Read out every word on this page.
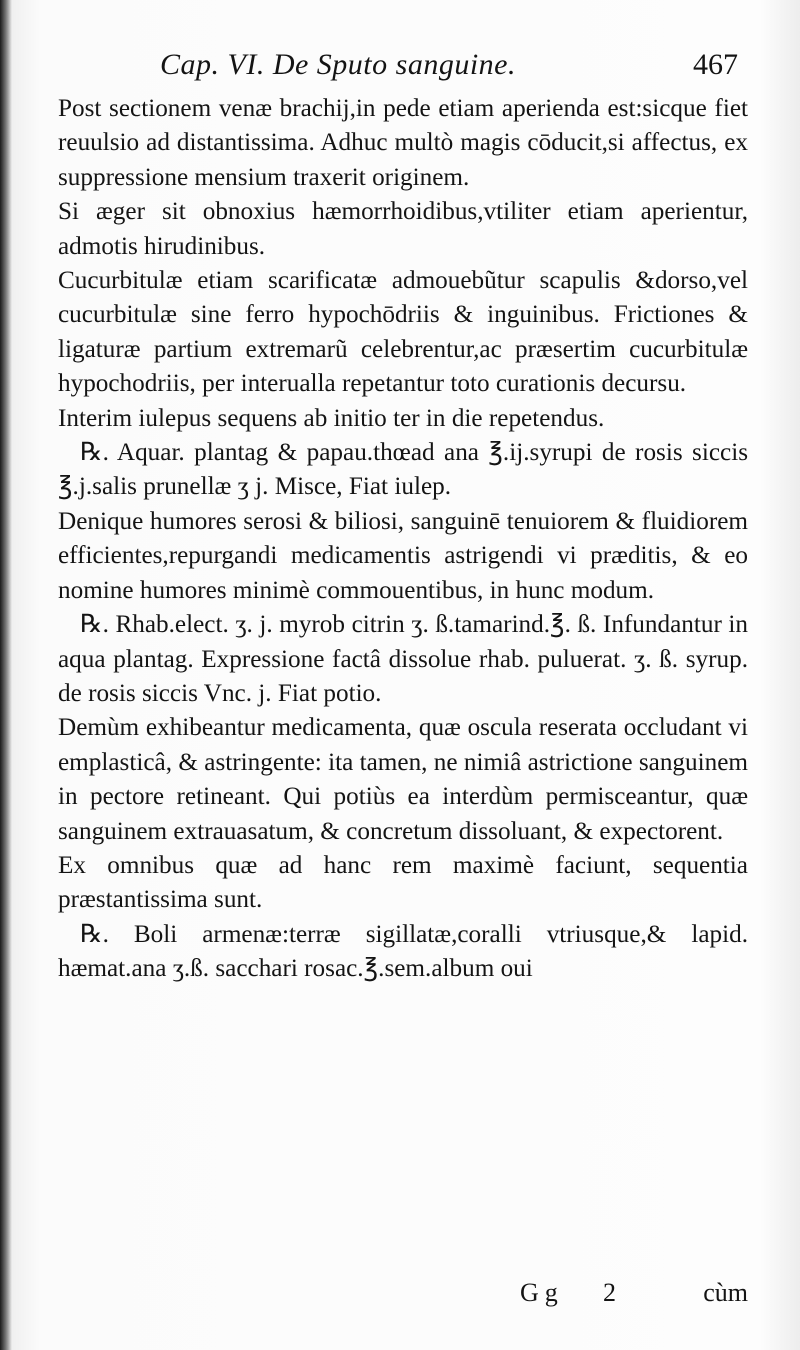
Cap. VI. De Sputo sanguine.	467

Post sectionem venæ brachij,in pede etiam aperienda est:sicque fiet reuulsio ad distantissima. Adhuc multò magis cōducit,si affectus, ex suppressione mensium traxerit originem.

Si æger sit obnoxius hæmorrhoidibus,vtiliter etiam aperientur, admotis hirudinibus.

Cucurbitulæ etiam scarificatæ admouebũtur scapulis &dorso,vel cucurbitulæ sine ferro hypochōdriis & inguinibus. Frictiones & ligaturæ partium extremarũ celebrentur,ac præsertim cucurbitulæ hypochodriis, per interualla repetantur toto curationis decursu.

Interim iulepus sequens ab initio ter in die repetendus.

℞. Aquar. plantag & papau.thœad ana ℥.ij.syrupi de rosis siccis ℥.j.salis prunellæ ʒ j. Misce, Fiat iulep.

Denique humores serosi & biliosi, sanguinē tenuiorem & fluidiorem efficientes,repurgandi medicamentis astrigendi vi præditis, & eo nomine humores minimè commouentibus, in hunc modum.

℞. Rhab.elect. ʒ. j. myrob citrin ʒ. ß.tamarind.℥. ß. Infundantur in aqua plantag. Expressione factâ dissolue rhab. puluerat. ʒ. ß. syrup. de rosis siccis Vnc. j. Fiat potio.

Demùm exhibeantur medicamenta, quæ oscula reserata occludant vi emplasticâ, & astringente: ita tamen, ne nimiâ astrictione sanguinem in pectore retineant. Qui potiùs ea interdùm permisceantur, quæ sanguinem extrauasatum, & concretum dissoluant, & expectorent.

Ex omnibus quæ ad hanc rem maximè faciunt, sequentia præstantissima sunt.

℞. Boli armenæ:terræ sigillatæ,coralli vtriusque,& lapid. hæmat.ana ʒ.ß. sacchari rosac.℥.sem.album oui

Gg 2	cùm
